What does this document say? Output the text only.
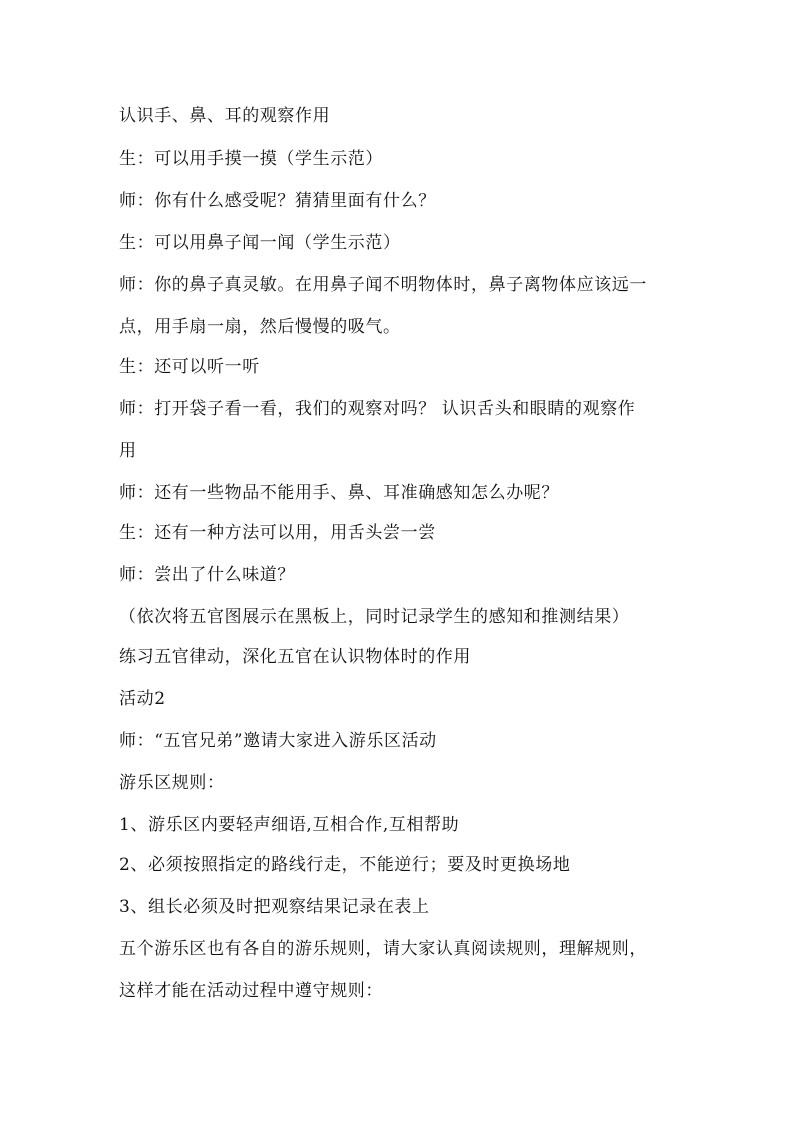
认识手、鼻、耳的观察作用
生：可以用手摸一摸（学生示范）
师：你有什么感受呢？猜猜里面有什么？
生：可以用鼻子闻一闻（学生示范）
师：你的鼻子真灵敏。在用鼻子闻不明物体时，鼻子离物体应该远一
点，用手扇一扇，然后慢慢的吸气。
生：还可以听一听
师：打开袋子看一看，我们的观察对吗？ 认识舌头和眼睛的观察作
用
师：还有一些物品不能用手、鼻、耳准确感知怎么办呢？
生：还有一种方法可以用，用舌头尝一尝
师：尝出了什么味道？
（依次将五官图展示在黑板上，同时记录学生的感知和推测结果）
练习五官律动，深化五官在认识物体时的作用
活动2
师：“五官兄弟”邀请大家进入游乐区活动
游乐区规则：
1、游乐区内要轻声细语,互相合作,互相帮助
2、必须按照指定的路线行走，不能逆行；要及时更换场地
3、组长必须及时把观察结果记录在表上
五个游乐区也有各自的游乐规则，请大家认真阅读规则，理解规则，
这样才能在活动过程中遵守规则：
